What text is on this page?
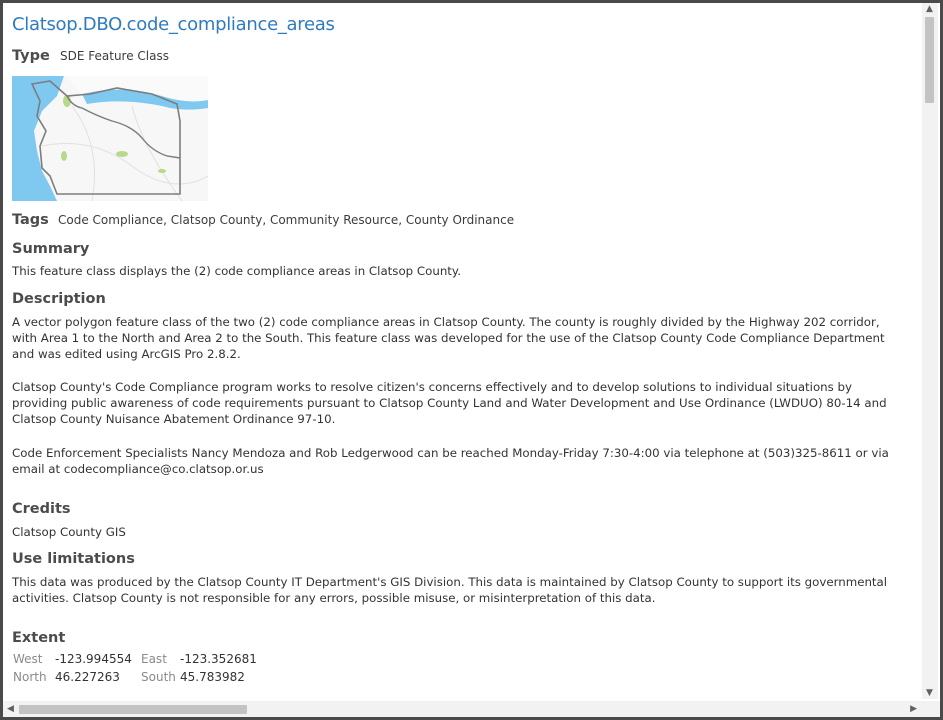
Clatsop.DBO.code_compliance_areas
Type SDE Feature Class
Tags Code Compliance, Clatsop County, Community Resource, County Ordinance
Summary
This feature class displays the (2) code compliance areas in Clatsop County.
Description
A vector polygon feature class of the two (2) code compliance areas in Clatsop County. The county is roughly divided by the Highway 202 corridor, with Area 1 to the North and Area 2 to the South. This feature class was developed for the use of the Clatsop County Code Compliance Department and was edited using ArcGIS Pro 2.8.2.
Clatsop County's Code Compliance program works to resolve citizen's concerns effectively and to develop solutions to individual situations by providing public awareness of code requirements pursuant to Clatsop County Land and Water Development and Use Ordinance (LWDUO) 80-14 and Clatsop County Nuisance Abatement Ordinance 97-10.
Code Enforcement Specialists Nancy Mendoza and Rob Ledgerwood can be reached Monday-Friday 7:30-4:00 via telephone at (503)325-8611 or via email at codecompliance@co.clatsop.or.us
Credits
Clatsop County GIS
Use limitations
This data was produced by the Clatsop County IT Department's GIS Division. This data is maintained by Clatsop County to support its governmental activities. Clatsop County is not responsible for any errors, possible misuse, or misinterpretation of this data.
Extent
West -123.994554 East -123.352681
North 46.227263 South 45.783982
▲
▼
◀	▶
